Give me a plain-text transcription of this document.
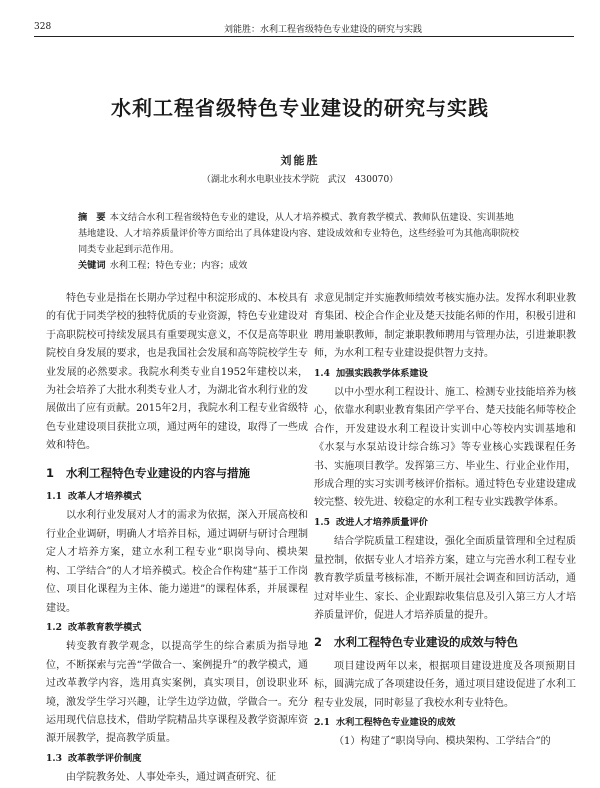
328	刘能胜：水利工程省级特色专业建设的研究与实践
水利工程省级特色专业建设的研究与实践
刘能胜
（湖北水利水电职业技术学院　武汉　430070）

摘　要 本文结合水利工程省级特色专业的建设，从人才培养模式、教育教学模式、教师队伍建设、实训基地基地建设、人才培养质量评价等方面给出了具体建设内容、建设成效和专业特色，这些经验可为其他高职院校同类专业起到示范作用。

关键词 水利工程；特色专业；内容；成效

特色专业是指在长期办学过程中积淀形成的、本校具有的有优于同类学校的独特优质的专业资源，特色专业建设对于高职院校可持续发展具有重要现实意义，不仅是高等职业院校自身发展的要求，也是我国社会发展和高等院校学生专业发展的必然要求。我院水利类专业自1952年建校以来，为社会培养了大批水利类专业人才，为湖北省水利行业的发展做出了应有贡献。2015年2月，我院水利工程专业省级特色专业建设项目获批立项，通过两年的建设，取得了一些成效和特色。

1 水利工程特色专业建设的内容与措施
1.1 改革人才培养模式

以水利行业发展对人才的需求为依据，深入开展高校和行业企业调研，明确人才培养目标，通过调研与研讨合理制定人才培养方案，建立水利工程专业“职岗导向、模块架构、工学结合”的人才培养模式。校企合作构建“基于工作岗位、项目化课程为主体、能力递进”的课程体系，并展课程建设。

1.2 改革教育教学模式

转变教育教学观念，以提高学生的综合素质为指导地位，不断探索与完善“学做合一、案例提升”的教学模式，通过改革教学内容，选用真实案例，真实项目，创设职业环境，激发学生学习兴趣，让学生边学边做，学做合一。充分运用现代信息技术，借助学院精品共享课程及教学资源库资源开展教学，提高教学质量。

1.3 改革教学评价制度

由学院教务处、人事处牵头，通过调查研究、征

求意见制定并实施教师绩效考核实施办法。发挥水利职业教育集团、校企合作企业及楚天技能名师的作用，积极引进和聘用兼职教师，制定兼职教师聘用与管理办法，引进兼职教师，为水利工程专业建设提供智力支持。

1.4 加强实践教学体系建设

以中小型水利工程设计、施工、检测专业技能培养为核心，依靠水利职业教育集团产学平台、楚天技能名师等校企合作，开发建设水利工程设计实训中心等校内实训基地和《水泵与水泵站设计综合练习》等专业核心实践课程任务书、实施项目教学。发挥第三方、毕业生、行业企业作用，形成合理的实习实训考核评价指标。通过特色专业建设建成较完整、较先进、较稳定的水利工程专业实践教学体系。

1.5 改进人才培养质量评价

结合学院质量工程建设，强化全面质量管理和全过程质量控制，依据专业人才培养方案，建立与完善水利工程专业教育教学质量考核标准，不断开展社会调查和回访活动，通过对毕业生、家长、企业跟踪收集信息及引入第三方人才培养质量评价，促进人才培养质量的提升。

2 水利工程特色专业建设的成效与特色

项目建设两年以来，根据项目建设进度及各项预期目标，圆满完成了各项建设任务，通过项目建设促进了水利工程专业发展，同时彰显了我校水利专业特色。

2.1 水利工程特色专业建设的成效

（1）构建了“职岗导向、模块架构、工学结合”的
